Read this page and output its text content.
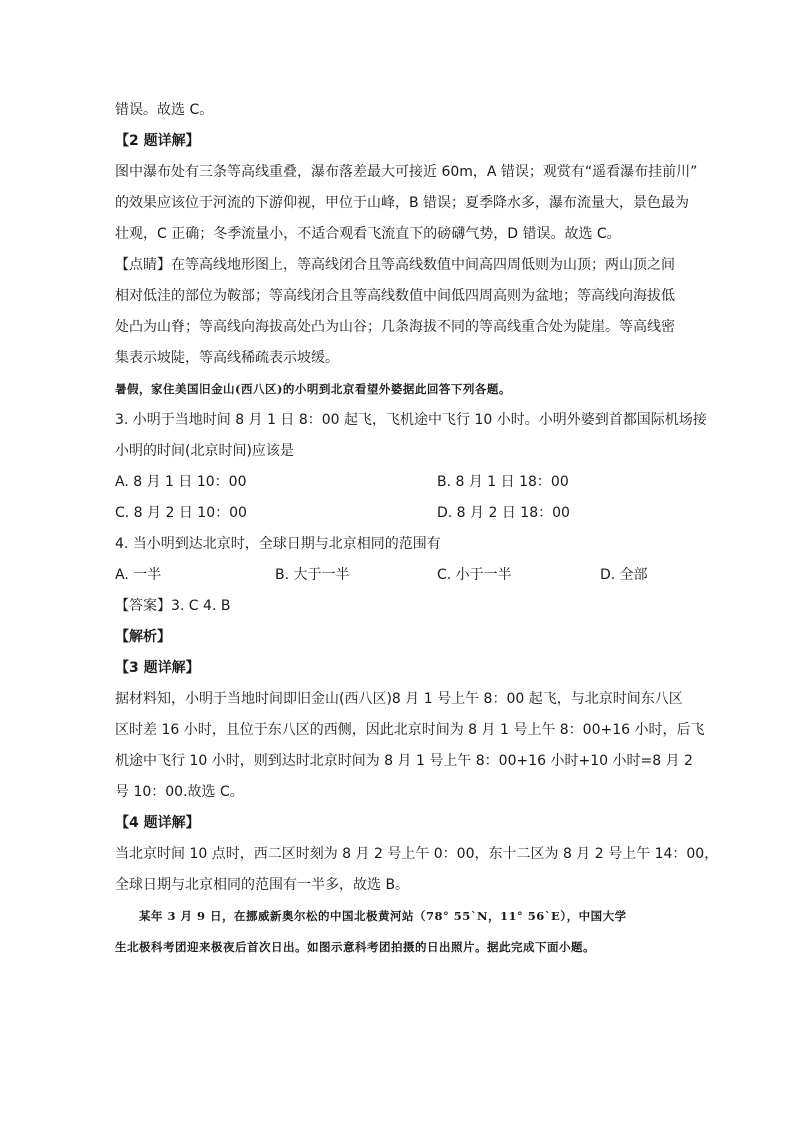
错误。故选 C。
【2 题详解】
图中瀑布处有三条等高线重叠，瀑布落差最大可接近 60m，A 错误；观赏有“遥看瀑布挂前川”
的效果应该位于河流的下游仰视，甲位于山峰，B 错误；夏季降水多，瀑布流量大，景色最为
壮观，C 正确；冬季流量小，不适合观看飞流直下的磅礴气势，D 错误。故选 C。
【点睛】在等高线地形图上，等高线闭合且等高线数值中间高四周低则为山顶；两山顶之间
相对低洼的部位为鞍部；等高线闭合且等高线数值中间低四周高则为盆地；等高线向海拔低
处凸为山脊；等高线向海拔高处凸为山谷；几条海拔不同的等高线重合处为陡崖。等高线密
集表示坡陡，等高线稀疏表示坡缓。
暑假，家住美国旧金山(西八区)的小明到北京看望外婆据此回答下列各题。
3. 小明于当地时间 8 月 1 日 8：00 起飞，飞机途中飞行 10 小时。小明外婆到首都国际机场接
小明的时间(北京时间)应该是
A. 8 月 1 日 10：00	B. 8 月 1 日 18：00
C. 8 月 2 日 10：00	D. 8 月 2 日 18：00
4. 当小明到达北京时，全球日期与北京相同的范围有
A. 一半	B. 大于一半	C. 小于一半	D. 全部
【答案】3. C 4. B
【解析】
【3 题详解】
据材料知，小明于当地时间即旧金山(西八区)8 月 1 号上午 8：00 起飞，与北京时间东八区
区时差 16 小时，且位于东八区的西侧，因此北京时间为 8 月 1 号上午 8：00+16 小时，后飞
机途中飞行 10 小时，则到达时北京时间为 8 月 1 号上午 8：00+16 小时+10 小时=8 月 2
号 10：00.故选 C。
【4 题详解】
当北京时间 10 点时，西二区时刻为 8 月 2 号上午 0：00，东十二区为 8 月 2 号上午 14：00，
全球日期与北京相同的范围有一半多，故选 B。
某年 3 月 9 日，在挪威新奥尔松的中国北极黄河站（78° 55`N，11° 56`E），中国大学
生北极科考团迎来极夜后首次日出。如图示意科考团拍摄的日出照片。据此完成下面小题。
